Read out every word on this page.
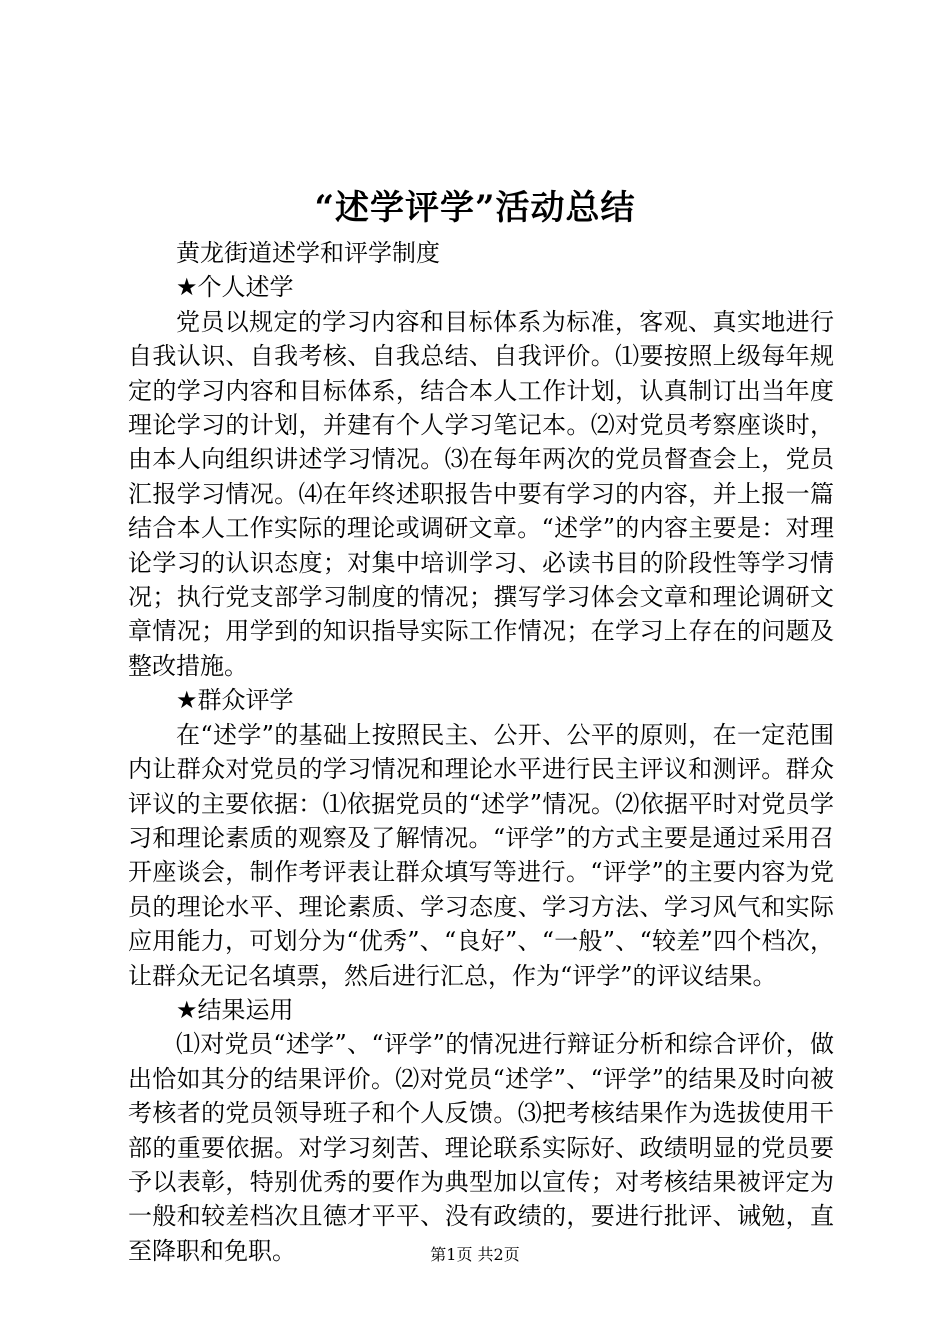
“述学评学”活动总结

黄龙街道述学和评学制度

★个人述学

党员以规定的学习内容和目标体系为标准，客观、真实地进行自我认识、自我考核、自我总结、自我评价。⑴要按照上级每年规定的学习内容和目标体系，结合本人工作计划，认真制订出当年度理论学习的计划，并建有个人学习笔记本。⑵对党员考察座谈时，由本人向组织讲述学习情况。⑶在每年两次的党员督查会上，党员汇报学习情况。⑷在年终述职报告中要有学习的内容，并上报一篇结合本人工作实际的理论或调研文章。“述学”的内容主要是：对理论学习的认识态度；对集中培训学习、必读书目的阶段性等学习情况；执行党支部学习制度的情况；撰写学习体会文章和理论调研文章情况；用学到的知识指导实际工作情况；在学习上存在的问题及整改措施。

★群众评学

在“述学”的基础上按照民主、公开、公平的原则，在一定范围内让群众对党员的学习情况和理论水平进行民主评议和测评。群众评议的主要依据：⑴依据党员的“述学”情况。⑵依据平时对党员学习和理论素质的观察及了解情况。“评学”的方式主要是通过采用召开座谈会，制作考评表让群众填写等进行。“评学”的主要内容为党员的理论水平、理论素质、学习态度、学习方法、学习风气和实际应用能力，可划分为“优秀”、“良好”、“一般”、“较差”四个档次，让群众无记名填票，然后进行汇总，作为“评学”的评议结果。

★结果运用

⑴对党员“述学”、“评学”的情况进行辩证分析和综合评价，做出恰如其分的结果评价。⑵对党员“述学”、“评学”的结果及时向被考核者的党员领导班子和个人反馈。⑶把考核结果作为选拔使用干部的重要依据。对学习刻苦、理论联系实际好、政绩明显的党员要予以表彰，特别优秀的要作为典型加以宣传；对考核结果被评定为一般和较差档次且德才平平、没有政绩的，要进行批评、诫勉，直至降职和免职。	第1页 共2页
